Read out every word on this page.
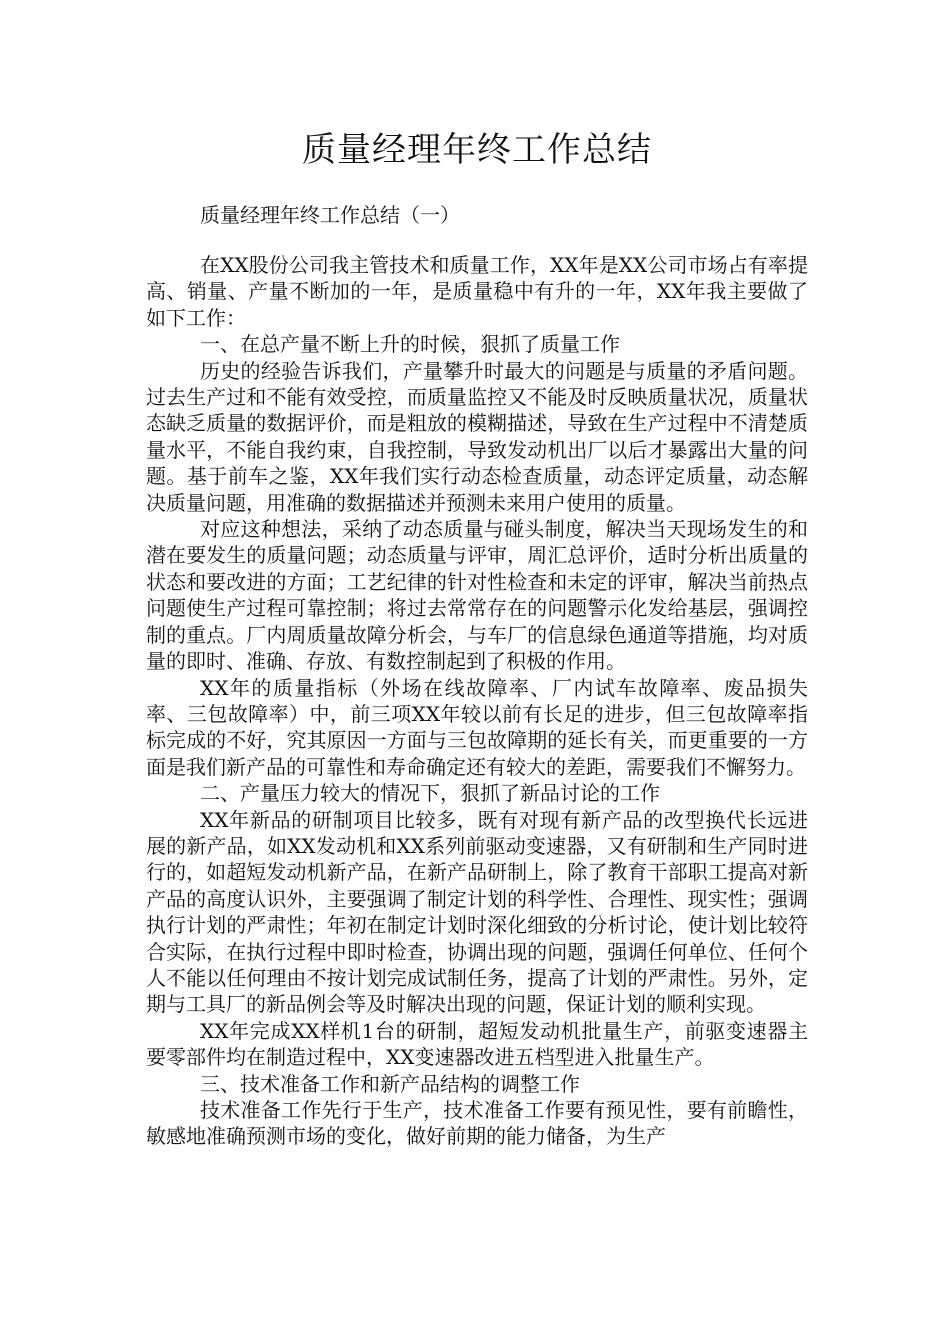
质量经理年终工作总结

质量经理年终工作总结（一）

在XX股份公司我主管技术和质量工作，XX年是XX公司市场占有率提高、销量、产量不断加的一年，是质量稳中有升的一年，XX年我主要做了如下工作：

一、在总产量不断上升的时候，狠抓了质量工作

历史的经验告诉我们，产量攀升时最大的问题是与质量的矛盾问题。过去生产过和不能有效受控，而质量监控又不能及时反映质量状况，质量状态缺乏质量的数据评价，而是粗放的模糊描述，导致在生产过程中不清楚质量水平，不能自我约束，自我控制，导致发动机出厂以后才暴露出大量的问题。基于前车之鉴，XX年我们实行动态检查质量，动态评定质量，动态解决质量问题，用准确的数据描述并预测未来用户使用的质量。

对应这种想法，采纳了动态质量与碰头制度，解决当天现场发生的和潜在要发生的质量问题；动态质量与评审，周汇总评价，适时分析出质量的状态和要改进的方面；工艺纪律的针对性检查和未定的评审，解决当前热点问题使生产过程可靠控制；将过去常常存在的问题警示化发给基层，强调控制的重点。厂内周质量故障分析会，与车厂的信息绿色通道等措施，均对质量的即时、准确、存放、有数控制起到了积极的作用。

XX年的质量指标（外场在线故障率、厂内试车故障率、废品损失率、三包故障率）中，前三项XX年较以前有长足的进步，但三包故障率指标完成的不好，究其原因一方面与三包故障期的延长有关，而更重要的一方面是我们新产品的可靠性和寿命确定还有较大的差距，需要我们不懈努力。

二、产量压力较大的情况下，狠抓了新品讨论的工作

XX年新品的研制项目比较多，既有对现有新产品的改型换代长远进展的新产品，如XX发动机和XX系列前驱动变速器，又有研制和生产同时进行的，如超短发动机新产品，在新产品研制上，除了教育干部职工提高对新产品的高度认识外，主要强调了制定计划的科学性、合理性、现实性；强调执行计划的严肃性；年初在制定计划时深化细致的分析讨论，使计划比较符合实际，在执行过程中即时检查，协调出现的问题，强调任何单位、任何个人不能以任何理由不按计划完成试制任务，提高了计划的严肃性。另外，定期与工具厂的新品例会等及时解决出现的问题，保证计划的顺利实现。

XX年完成XX样机1台的研制，超短发动机批量生产，前驱变速器主要零部件均在制造过程中，XX变速器改进五档型进入批量生产。

三、技术准备工作和新产品结构的调整工作

技术准备工作先行于生产，技术准备工作要有预见性，要有前瞻性，敏感地准确预测市场的变化，做好前期的能力储备，为生产
